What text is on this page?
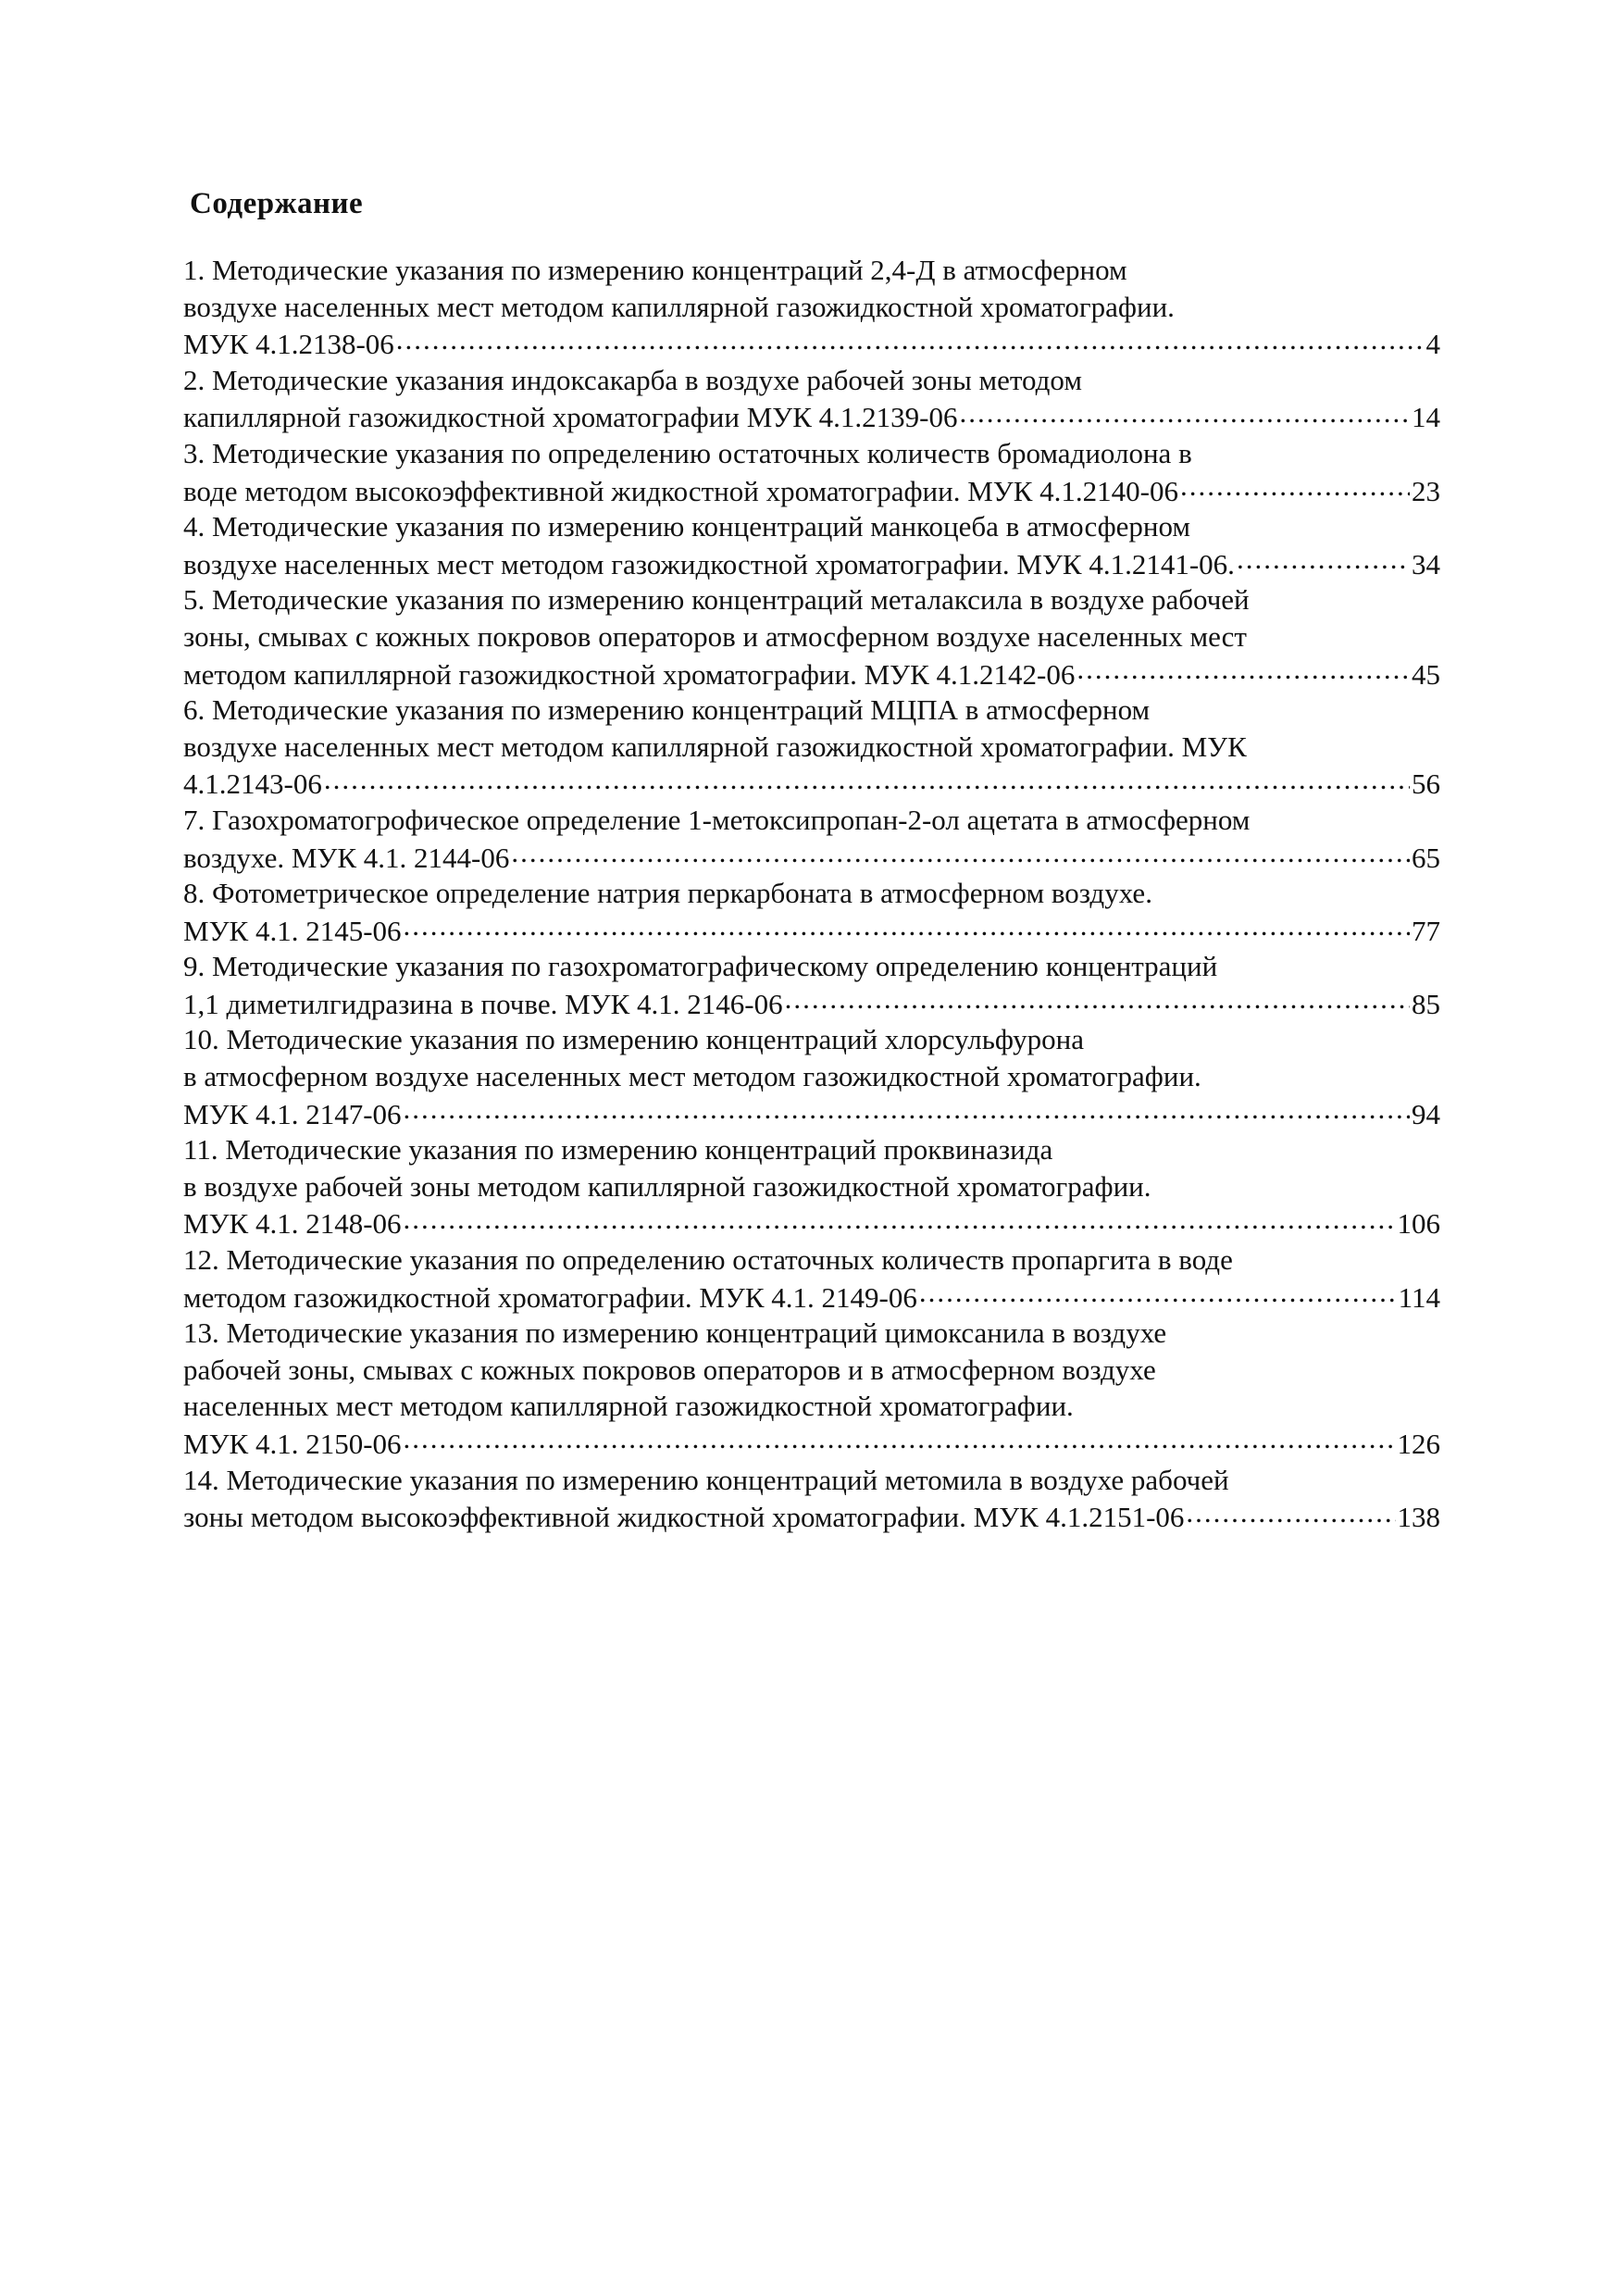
Содержание
1. Методические указания по измерению концентраций 2,4-Д в атмосферном
воздухе населенных мест методом капиллярной газожидкостной хроматографии.
МУК 4.1.2138-06 .....	4
2. Методические указания индоксакарба в воздухе рабочей зоны методом
капиллярной газожидкостной хроматографии МУК 4.1.2139-06 .....	14
3. Методические указания по определению остаточных количеств бромадиолона в
воде методом высокоэффективной жидкостной хроматографии. МУК 4.1.2140-06 .....	23
4. Методические указания по измерению концентраций манкоцеба в атмосферном
воздухе населенных мест методом газожидкостной хроматографии. МУК 4.1.2141-06. .....	34
5. Методические указания по измерению концентраций металаксила в воздухе рабочей
зоны, смывах с кожных покровов операторов и атмосферном воздухе населенных мест
методом капиллярной газожидкостной хроматографии. МУК 4.1.2142-06 .....	45
6. Методические указания по измерению концентраций МЦПА в атмосферном
воздухе населенных мест методом капиллярной газожидкостной хроматографии. МУК
4.1.2143-06 .....	56
7. Газохроматогрофическое определение 1-метоксипропан-2-ол ацетата в атмосферном
воздухе. МУК 4.1. 2144-06 .....	65
8. Фотометрическое определение натрия перкарбоната в атмосферном воздухе.
МУК 4.1. 2145-06 .....	77
9. Методические указания по газохроматографическому определению концентраций
1,1 диметилгидразина в почве. МУК 4.1. 2146-06 .....	85
10. Методические указания по измерению концентраций хлорсульфурона
в атмосферном воздухе населенных мест методом газожидкостной хроматографии.
МУК 4.1. 2147-06 .....	94
11. Методические указания по измерению концентраций проквиназида
в воздухе рабочей зоны методом капиллярной газожидкостной хроматографии.
МУК 4.1. 2148-06 .....	106
12. Методические указания по определению остаточных количеств пропаргита в воде
методом газожидкостной хроматографии. МУК 4.1. 2149-06 .....	114
13. Методические указания по измерению концентраций цимоксанила в воздухе
рабочей зоны, смывах с кожных покровов операторов и в атмосферном воздухе
населенных мест методом капиллярной газожидкостной хроматографии.
МУК 4.1. 2150-06 .....	126
14. Методические указания по измерению концентраций метомила в воздухе рабочей
зоны методом высокоэффективной жидкостной хроматографии. МУК 4.1.2151-06 .....	138
